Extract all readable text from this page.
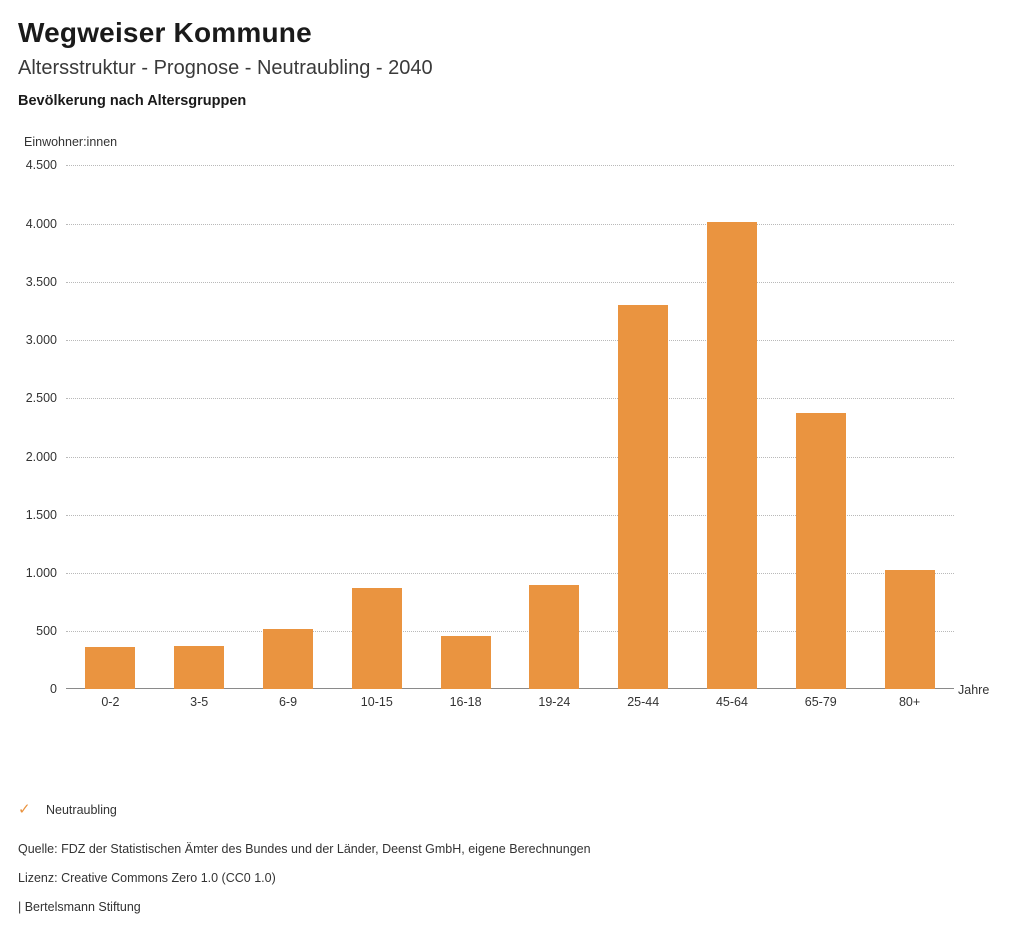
Wegweiser Kommune
Altersstruktur - Prognose - Neutraubling - 2040
Bevölkerung nach Altersgruppen
Einwohner:innen
0
500
1.000
1.500
2.000
2.500
3.000
3.500
4.000
4.500
0-2	3-5	6-9	10-15	16-18	19-24	25-44	45-64	65-79	80+
Jahre
✓ Neutraubling
Quelle: FDZ der Statistischen Ämter des Bundes und der Länder, Deenst GmbH, eigene Berechnungen
Lizenz: Creative Commons Zero 1.0 (CC0 1.0)
| Bertelsmann Stiftung
